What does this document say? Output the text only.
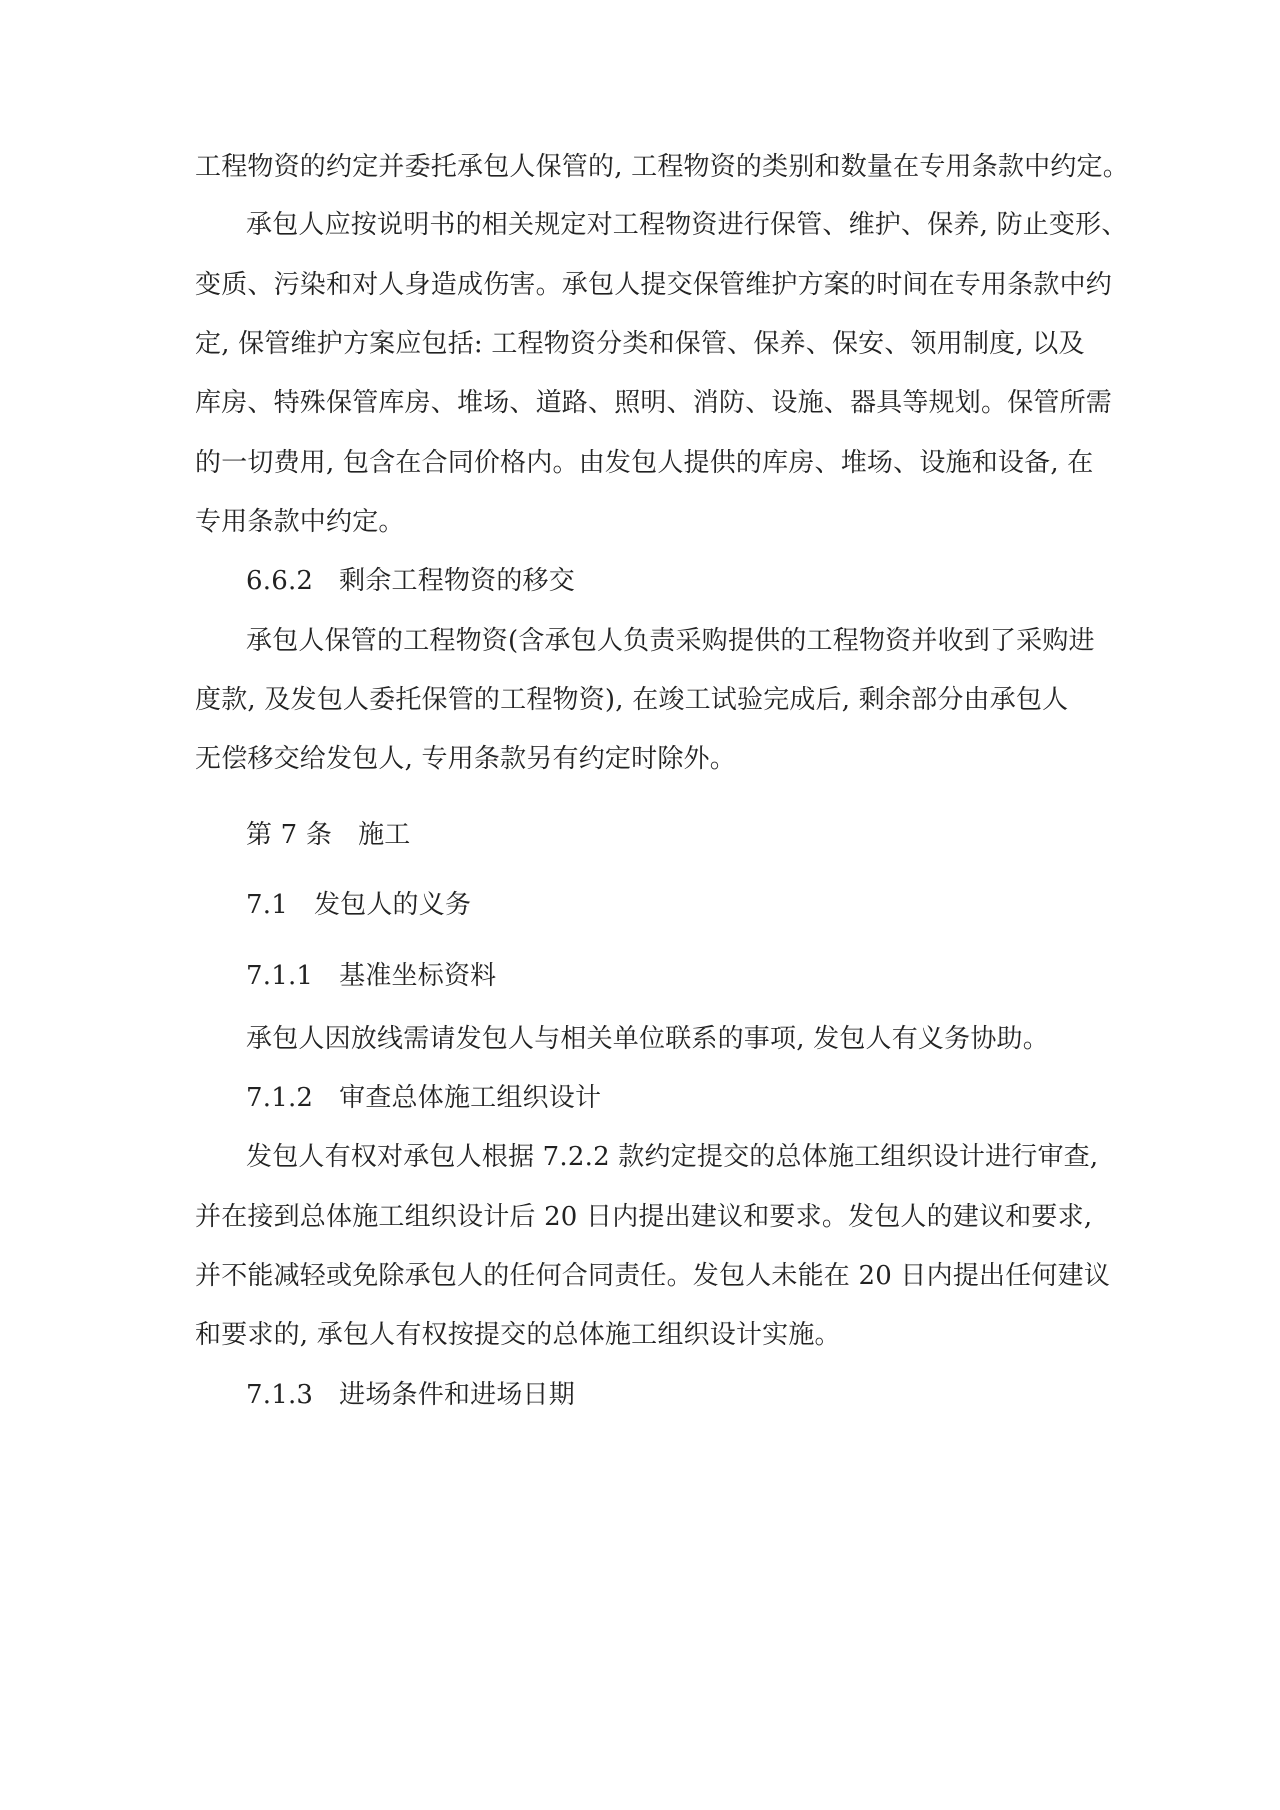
工程物资的约定并委托承包人保管的, 工程物资的类别和数量在专用条款中约定。
承包人应按说明书的相关规定对工程物资进行保管、维护、保养, 防止变形、
变质、污染和对人身造成伤害。承包人提交保管维护方案的时间在专用条款中约
定, 保管维护方案应包括: 工程物资分类和保管、保养、保安、领用制度, 以及
库房、特殊保管库房、堆场、道路、照明、消防、设施、器具等规划。保管所需
的一切费用, 包含在合同价格内。由发包人提供的库房、堆场、设施和设备, 在
专用条款中约定。
6.6.2 剩余工程物资的移交
承包人保管的工程物资(含承包人负责采购提供的工程物资并收到了采购进
度款, 及发包人委托保管的工程物资), 在竣工试验完成后, 剩余部分由承包人
无偿移交给发包人, 专用条款另有约定时除外。
第 7 条 施工
7.1 发包人的义务
7.1.1 基准坐标资料
承包人因放线需请发包人与相关单位联系的事项, 发包人有义务协助。
7.1.2 审查总体施工组织设计
发包人有权对承包人根据 7.2.2 款约定提交的总体施工组织设计进行审查,
并在接到总体施工组织设计后 20 日内提出建议和要求。发包人的建议和要求,
并不能减轻或免除承包人的任何合同责任。发包人未能在 20 日内提出任何建议
和要求的, 承包人有权按提交的总体施工组织设计实施。
7.1.3 进场条件和进场日期
